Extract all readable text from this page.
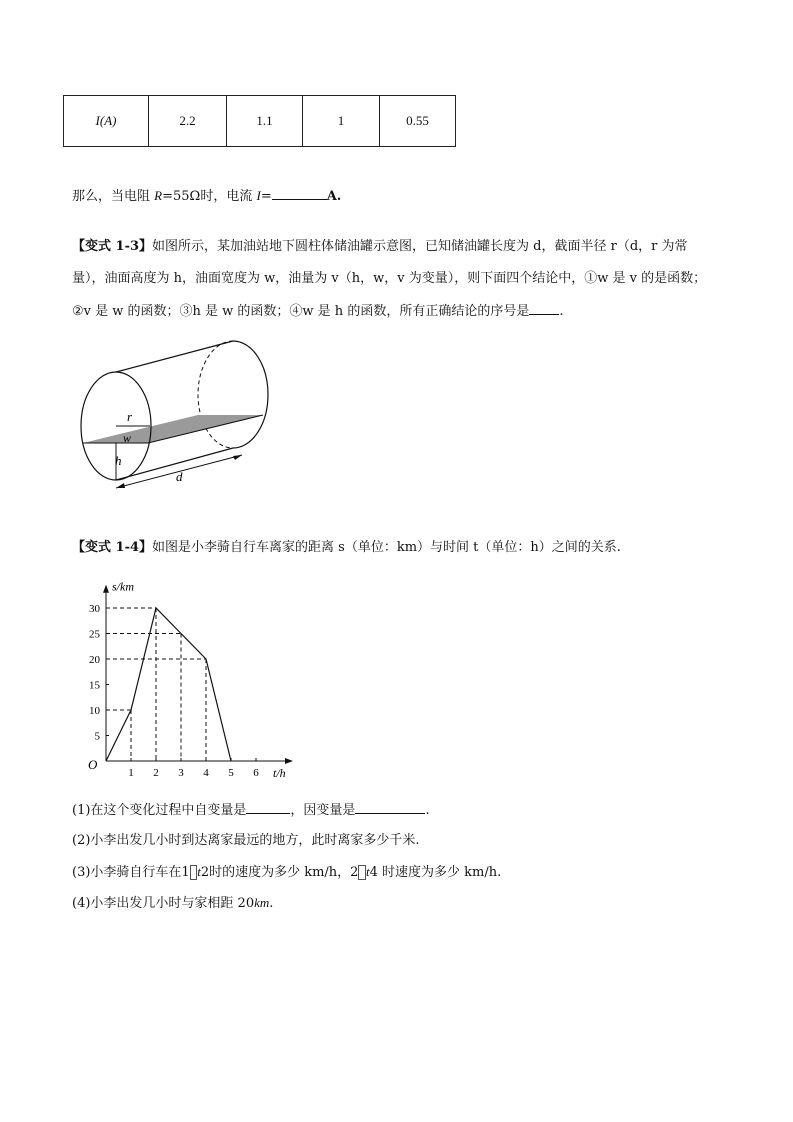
I(A)	2.2	1.1	1	0.55
那么，当电阻 R=55Ω时，电流 I=	A.
【变式 1-3】如图所示，某加油站地下圆柱体储油罐示意图，已知储油罐长度为 d，截面半径 r（d，r 为常
量），油面高度为 h，油面宽度为 w，油量为 v（h，w，v 为变量），则下面四个结论中，①w 是 v 的是函数；
②v 是 w 的函数；③h 是 w 的函数；④w 是 h 的函数，所有正确结论的序号是 .
r
w
h
d
【变式 1-4】如图是小李骑自行车离家的距离 s（单位：km）与时间 t（单位：h）之间的关系.
1 2 3 4 5 6
5
10
15
20
25
30
O
t/h
s/km
(1)在这个变化过程中自变量是	，因变量是	.
(2)小李出发几小时到达离家最远的地方，此时离家多少千米.
(3)小李骑自行车在1 t2时的速度为多少 km/h，2 t4 时速度为多少 km/h.
(4)小李出发几小时与家相距 20km.
